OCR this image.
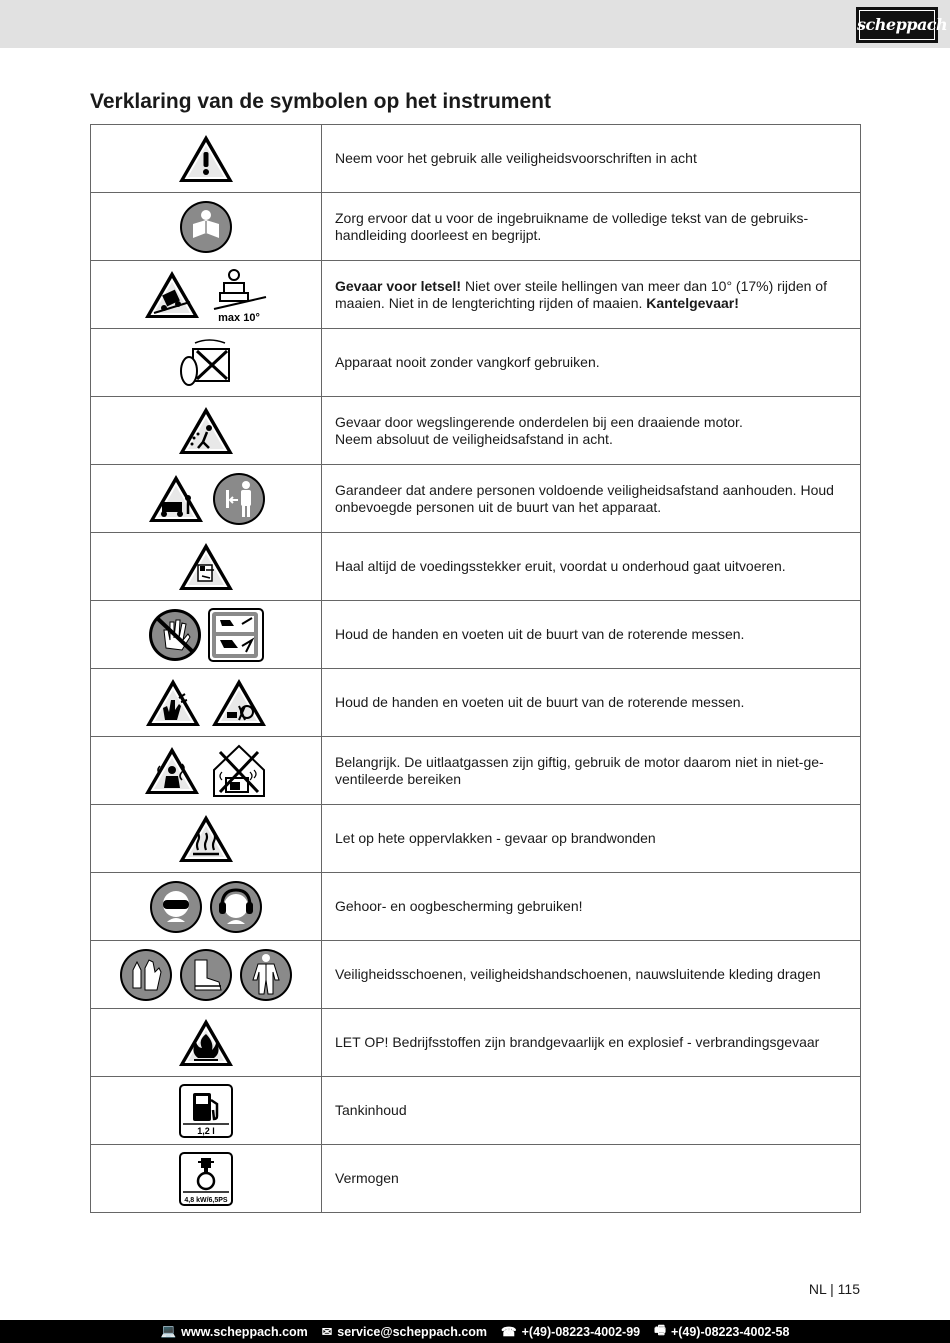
scheppach
Verklaring van de symbolen op het instrument
	Neem voor het gebruik alle veiligheidsvoorschriften in acht

	Zorg ervoor dat u voor de ingebruikname de volledige tekst van de gebruiks-handleiding doorleest en begrijpt.

max 10°	Gevaar voor letsel! Niet over steile hellingen van meer dan 10° (17%) rijden of maaien. Niet in de lengterichting rijden of maaien. Kantelgevaar!

	Apparaat nooit zonder vangkorf gebruiken.

	Gevaar door wegslingerende onderdelen bij een draaiende motor.
Neem absoluut de veiligheidsafstand in acht.

	Garandeer dat andere personen voldoende veiligheidsafstand aanhouden. Houd onbevoegde personen uit de buurt van het apparaat.

	Haal altijd de voedingsstekker eruit, voordat u onderhoud gaat uitvoeren.

	Houd de handen en voeten uit de buurt van de roterende messen.

	Houd de handen en voeten uit de buurt van de roterende messen.

	Belangrijk. De uitlaatgassen zijn giftig, gebruik de motor daarom niet in niet-ge-ventileerde bereiken

	Let op hete oppervlakken - gevaar op brandwonden

	Gehoor- en oogbescherming gebruiken!

	Veiligheidsschoenen, veiligheidshandschoenen, nauwsluitende kleding dragen

	LET OP! Bedrijfsstoffen zijn brandgevaarlijk en explosief - verbrandingsgevaar

1,2 l	Tankinhoud

4,8 kW/6,5PS	Vermogen
NL | 115
💻 www.scheppach.com ✉ service@scheppach.com ☎ +(49)-08223-4002-99 🖷 +(49)-08223-4002-58
